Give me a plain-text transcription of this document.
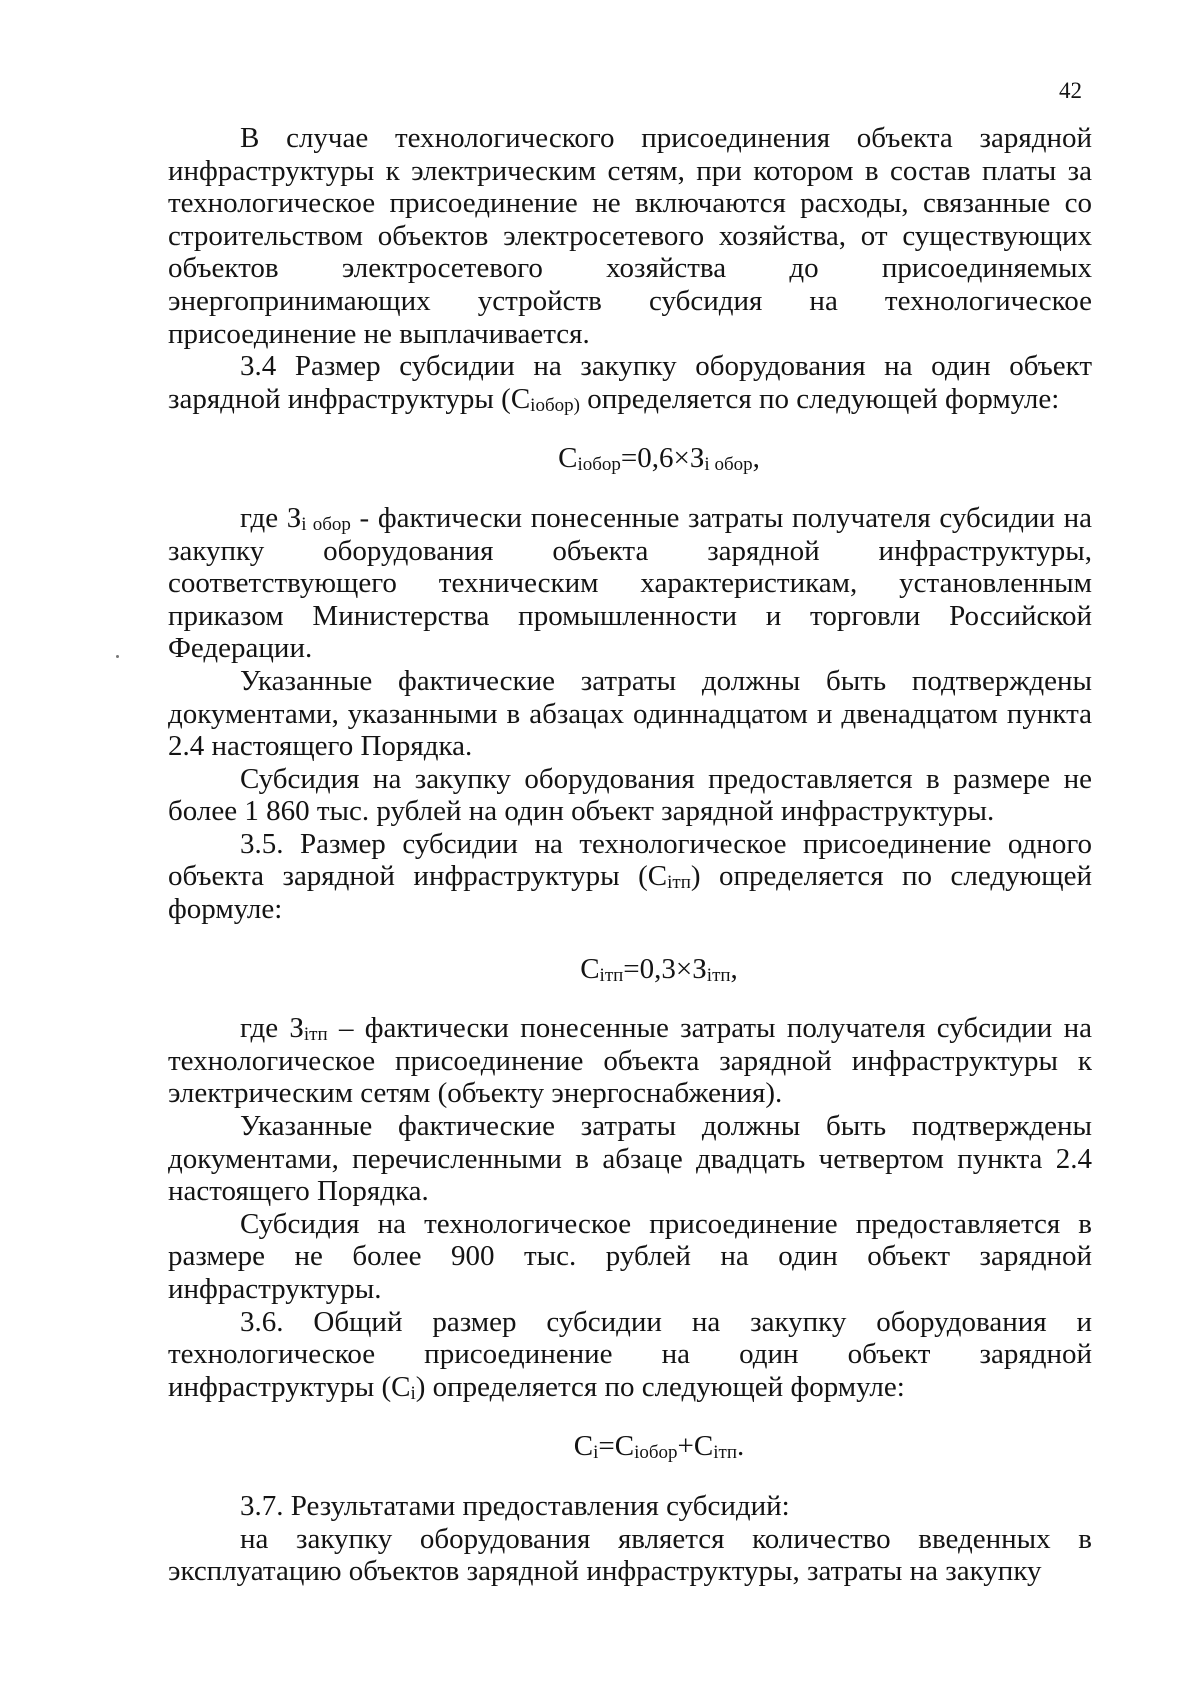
42

В случае технологического присоединения объекта зарядной инфраструктуры к электрическим сетям, при котором в состав платы за технологическое присоединение не включаются расходы, связанные со строительством объектов электросетевого хозяйства, от существующих объектов электросетевого хозяйства до присоединяемых энергопринимающих устройств субсидия на технологическое присоединение не выплачивается.

3.4 Размер субсидии на закупку оборудования на один объект зарядной инфраструктуры ($C_{iобор)}$ определяется по следующей формуле:

$C_{iобор}=0,6\times З_{i обор}$,

где $З_{i обор}$ - фактически понесенные затраты получателя субсидии на закупку оборудования объекта зарядной инфраструктуры, соответствующего техническим характеристикам, установленным приказом Министерства промышленности и торговли Российской Федерации.

Указанные фактические затраты должны быть подтверждены документами, указанными в абзацах одиннадцатом и двенадцатом пункта 2.4 настоящего Порядка.

Субсидия на закупку оборудования предоставляется в размере не более 1 860 тыс. рублей на один объект зарядной инфраструктуры.

3.5. Размер субсидии на технологическое присоединение одного объекта зарядной инфраструктуры $(C_{iтп})$ определяется по следующей формуле:

$C_{iтп}=0,3\times З_{iтп}$,

где $З_{iтп}$ – фактически понесенные затраты получателя субсидии на технологическое присоединение объекта зарядной инфраструктуры к электрическим сетям (объекту энергоснабжения).

Указанные фактические затраты должны быть подтверждены документами, перечисленными в абзаце двадцать четвертом пункта 2.4 настоящего Порядка.

Субсидия на технологическое присоединение предоставляется в размере не более 900 тыс. рублей на один объект зарядной инфраструктуры.

3.6. Общий размер субсидии на закупку оборудования и технологическое присоединение на один объект зарядной инфраструктуры $(C_i)$ определяется по следующей формуле:

$C_i=C_{iобор}+C_{iтп}$.

3.7. Результатами предоставления субсидий:

на закупку оборудования является количество введенных в эксплуатацию объектов зарядной инфраструктуры, затраты на закупку
